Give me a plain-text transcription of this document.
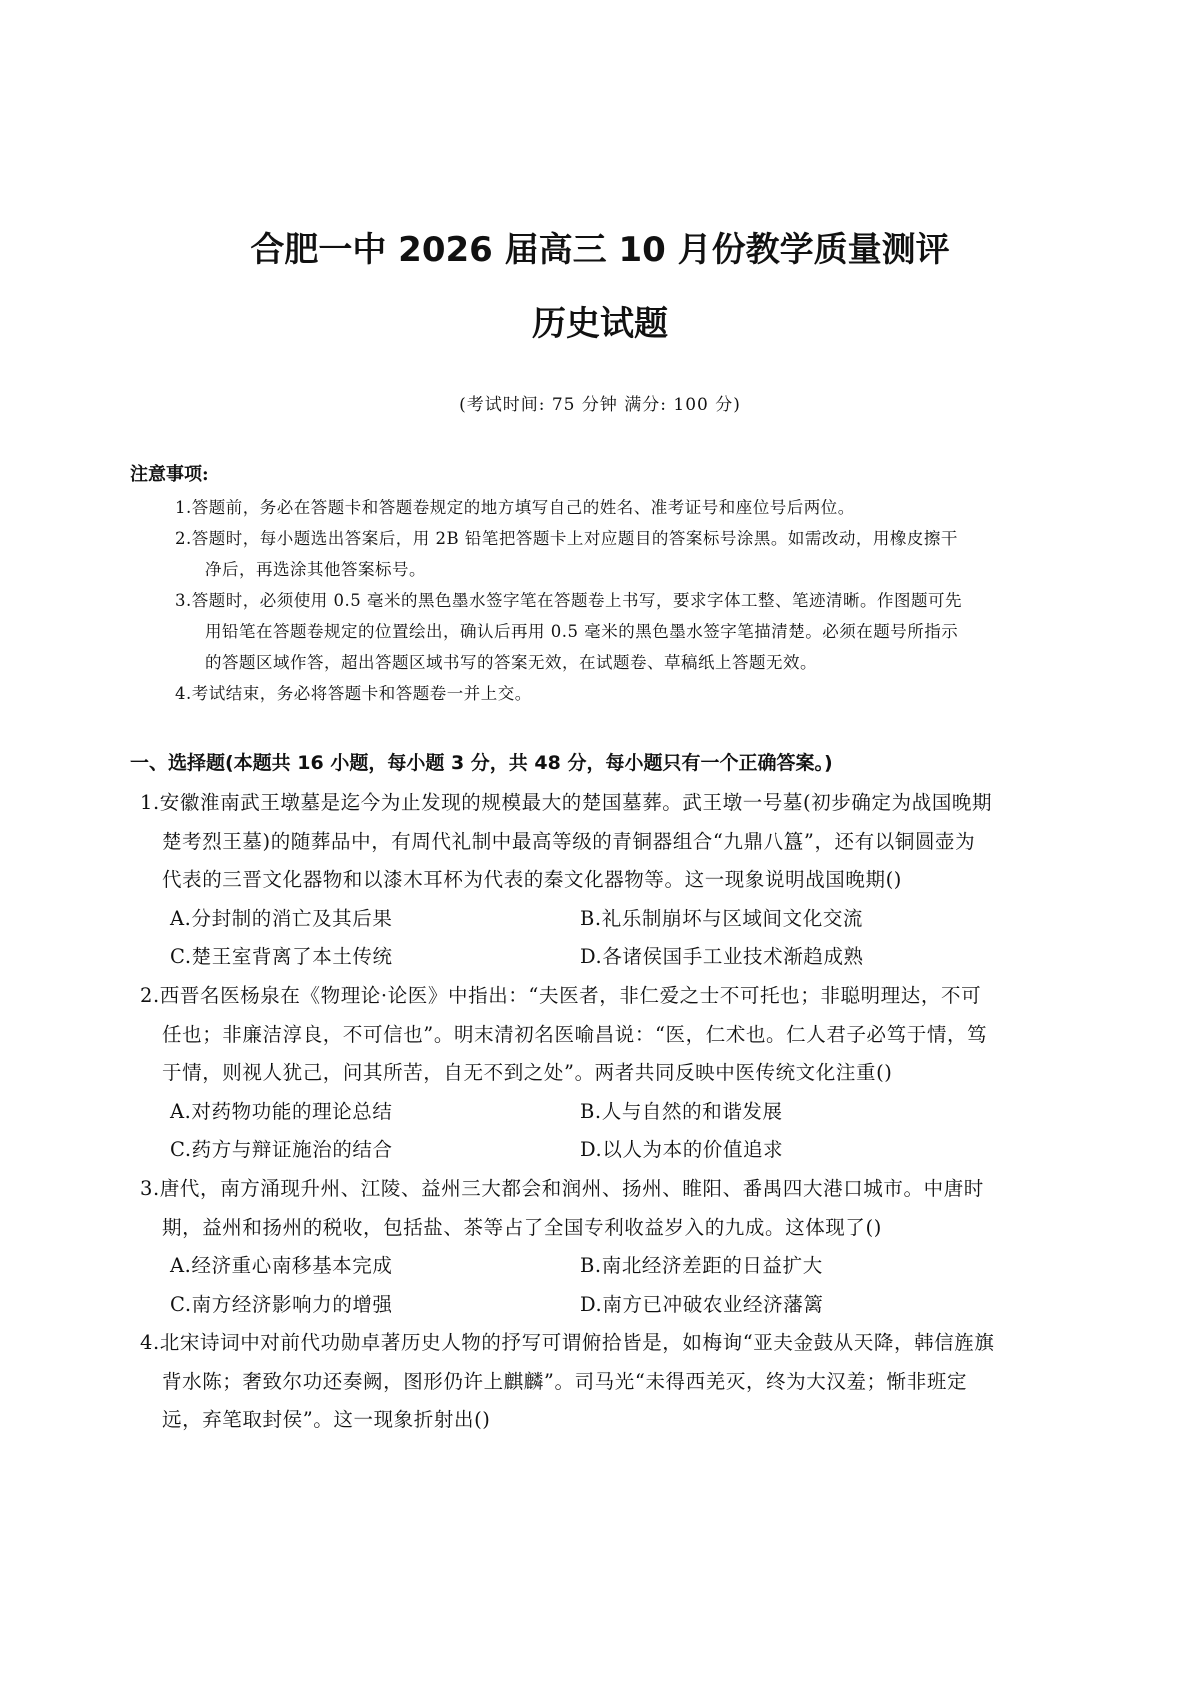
合肥一中 2026 届高三 10 月份教学质量测评
历史试题
(考试时间: 75 分钟 满分: 100 分)
注意事项:
1.答题前，务必在答题卡和答题卷规定的地方填写自己的姓名、准考证号和座位号后两位。
2.答题时，每小题选出答案后，用 2B 铅笔把答题卡上对应题目的答案标号涂黑。如需改动，用橡皮擦干
净后，再选涂其他答案标号。
3.答题时，必须使用 0.5 毫米的黑色墨水签字笔在答题卷上书写，要求字体工整、笔迹清晰。作图题可先
用铅笔在答题卷规定的位置绘出，确认后再用 0.5 毫米的黑色墨水签字笔描清楚。必须在题号所指示
的答题区域作答，超出答题区域书写的答案无效，在试题卷、草稿纸上答题无效。
4.考试结束，务必将答题卡和答题卷一并上交。
一、选择题(本题共 16 小题，每小题 3 分，共 48 分，每小题只有一个正确答案。)

1.安徽淮南武王墩墓是迄今为止发现的规模最大的楚国墓葬。武王墩一号墓(初步确定为战国晚期

楚考烈王墓)的随葬品中，有周代礼制中最高等级的青铜器组合“九鼎八簋”，还有以铜圆壶为

代表的三晋文化器物和以漆木耳杯为代表的秦文化器物等。这一现象说明战国晚期()

A.分封制的消亡及其后果	B.礼乐制崩坏与区域间文化交流
C.楚王室背离了本土传统	D.各诸侯国手工业技术渐趋成熟

2.西晋名医杨泉在《物理论·论医》中指出：“夫医者，非仁爱之士不可托也；非聪明理达，不可

任也；非廉洁淳良，不可信也”。明末清初名医喻昌说：“医，仁术也。仁人君子必笃于情，笃

于情，则视人犹己，问其所苦，自无不到之处”。两者共同反映中医传统文化注重()

A.对药物功能的理论总结	B.人与自然的和谐发展
C.药方与辩证施治的结合	D.以人为本的价值追求

3.唐代，南方涌现升州、江陵、益州三大都会和润州、扬州、睢阳、番禺四大港口城市。中唐时

期，益州和扬州的税收，包括盐、茶等占了全国专利收益岁入的九成。这体现了()

A.经济重心南移基本完成	B.南北经济差距的日益扩大
C.南方经济影响力的增强	D.南方已冲破农业经济藩篱

4.北宋诗词中对前代功勋卓著历史人物的抒写可谓俯拾皆是，如梅询“亚夫金鼓从天降，韩信旌旗

背水陈；奢致尔功还奏阙，图形仍许上麒麟”。司马光“未得西羌灭，终为大汉羞；惭非班定

远，弃笔取封侯”。这一现象折射出()
